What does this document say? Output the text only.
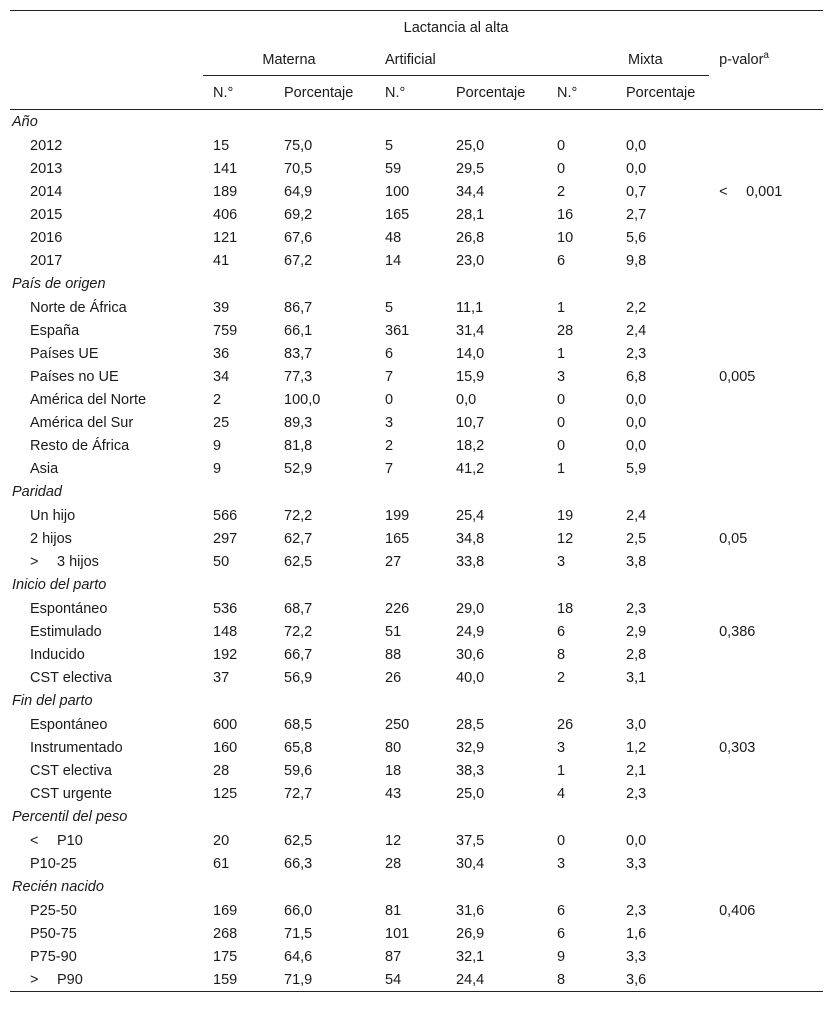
	Lactancia al alta						
	Materna		Artificial		Mixta		p-valor$^a$
	N.°	Porcentaje	N.°	Porcentaje	N.°	Porcentaje	
Año							
2012	15	75,0	5	25,0	0	0,0	
2013	141	70,5	59	29,5	0	0,0	
2014	189	64,9	100	34,4	2	0,7	<  0,001
2015	406	69,2	165	28,1	16	2,7	
2016	121	67,6	48	26,8	10	5,6	
2017	41	67,2	14	23,0	6	9,8	
País de origen							
Norte de África	39	86,7	5	11,1	1	2,2	
España	759	66,1	361	31,4	28	2,4	
Países UE	36	83,7	6	14,0	1	2,3	
Países no UE	34	77,3	7	15,9	3	6,8	0,005
América del Norte	2	100,0	0	0,0	0	0,0	
América del Sur	25	89,3	3	10,7	0	0,0	
Resto de África	9	81,8	2	18,2	0	0,0	
Asia	9	52,9	7	41,2	1	5,9	
Paridad							
Un hijo	566	72,2	199	25,4	19	2,4	
2 hijos	297	62,7	165	34,8	12	2,5	0,05
>  3 hijos	50	62,5	27	33,8	3	3,8	
Inicio del parto							
Espontáneo	536	68,7	226	29,0	18	2,3	
Estimulado	148	72,2	51	24,9	6	2,9	0,386
Inducido	192	66,7	88	30,6	8	2,8	
CST electiva	37	56,9	26	40,0	2	3,1	
Fin del parto							
Espontáneo	600	68,5	250	28,5	26	3,0	
Instrumentado	160	65,8	80	32,9	3	1,2	0,303
CST electiva	28	59,6	18	38,3	1	2,1	
CST urgente	125	72,7	43	25,0	4	2,3	
Percentil del peso							
<  P10	20	62,5	12	37,5	0	0,0	
P10-25	61	66,3	28	30,4	3	3,3	
Recién nacido							
P25-50	169	66,0	81	31,6	6	2,3	0,406
P50-75	268	71,5	101	26,9	6	1,6	
P75-90	175	64,6	87	32,1	9	3,3	
>  P90	159	71,9	54	24,4	8	3,6	
